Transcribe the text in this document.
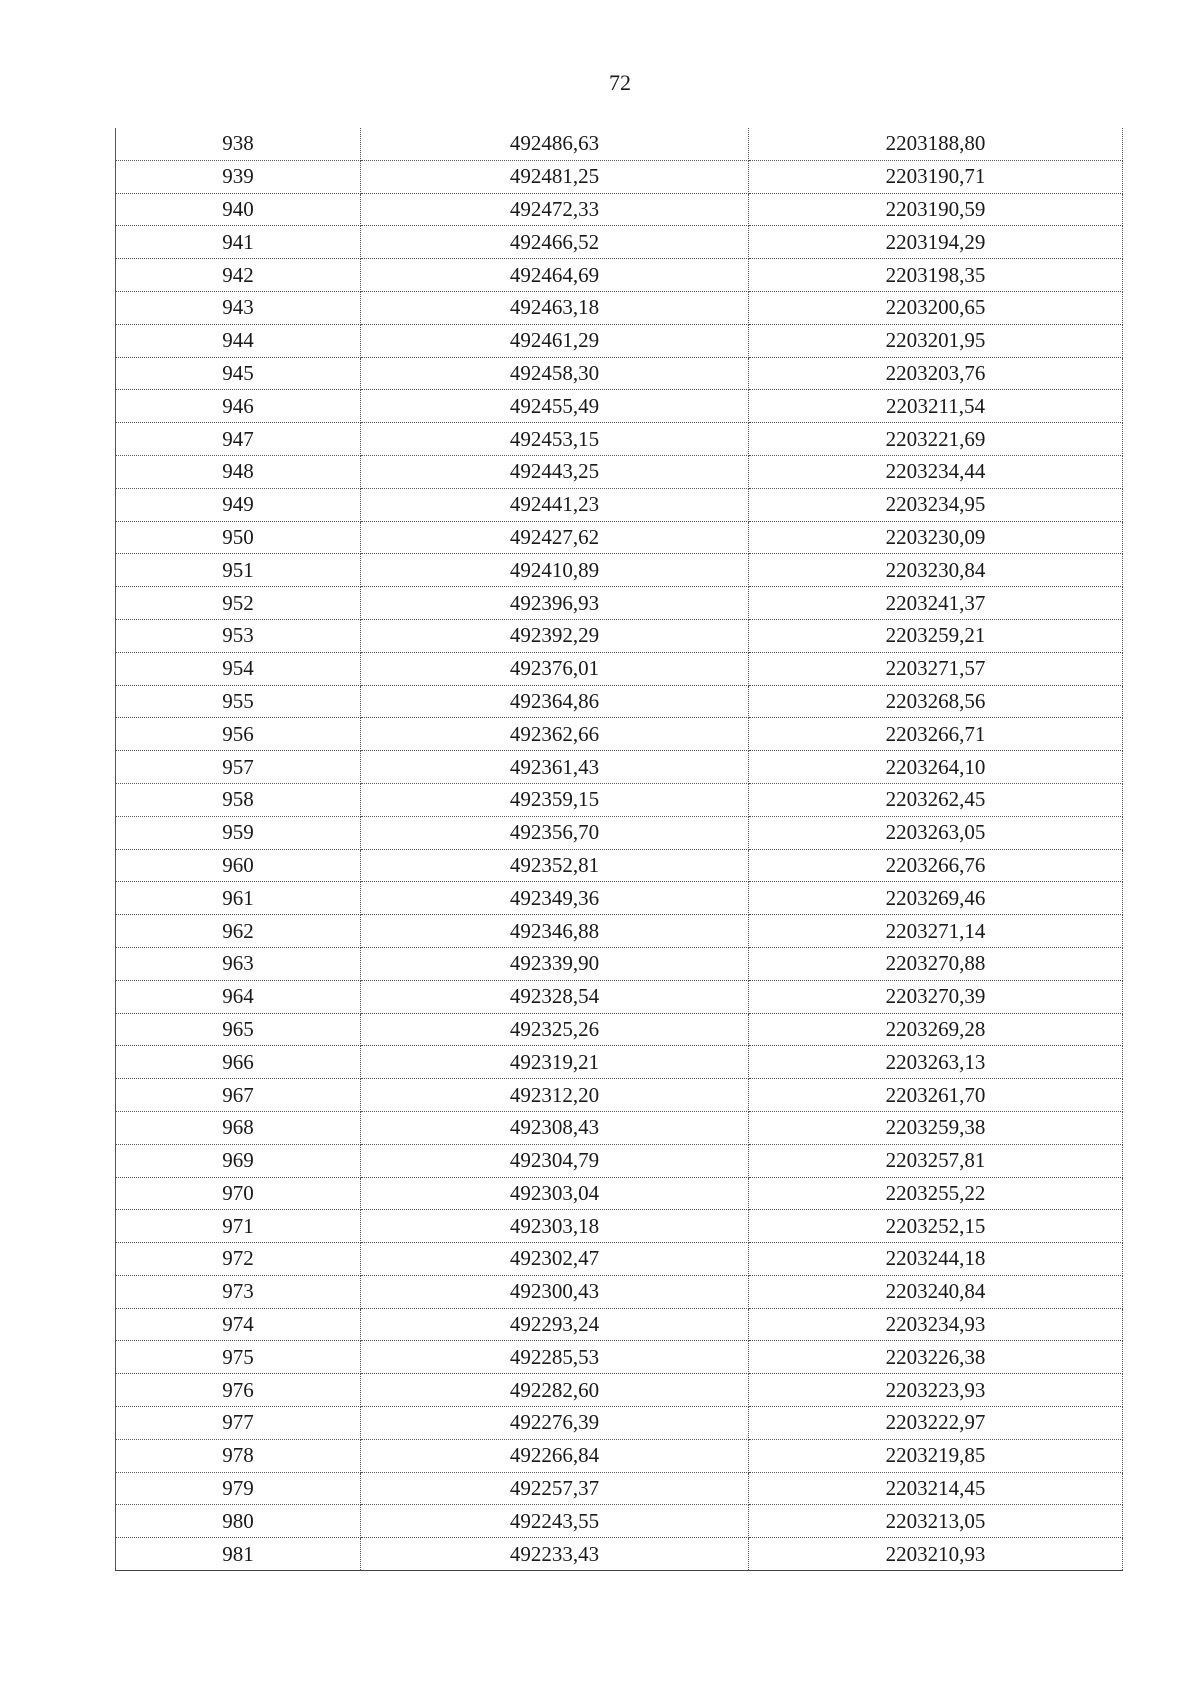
72
938	492486,63	2203188,80
939	492481,25	2203190,71
940	492472,33	2203190,59
941	492466,52	2203194,29
942	492464,69	2203198,35
943	492463,18	2203200,65
944	492461,29	2203201,95
945	492458,30	2203203,76
946	492455,49	2203211,54
947	492453,15	2203221,69
948	492443,25	2203234,44
949	492441,23	2203234,95
950	492427,62	2203230,09
951	492410,89	2203230,84
952	492396,93	2203241,37
953	492392,29	2203259,21
954	492376,01	2203271,57
955	492364,86	2203268,56
956	492362,66	2203266,71
957	492361,43	2203264,10
958	492359,15	2203262,45
959	492356,70	2203263,05
960	492352,81	2203266,76
961	492349,36	2203269,46
962	492346,88	2203271,14
963	492339,90	2203270,88
964	492328,54	2203270,39
965	492325,26	2203269,28
966	492319,21	2203263,13
967	492312,20	2203261,70
968	492308,43	2203259,38
969	492304,79	2203257,81
970	492303,04	2203255,22
971	492303,18	2203252,15
972	492302,47	2203244,18
973	492300,43	2203240,84
974	492293,24	2203234,93
975	492285,53	2203226,38
976	492282,60	2203223,93
977	492276,39	2203222,97
978	492266,84	2203219,85
979	492257,37	2203214,45
980	492243,55	2203213,05
981	492233,43	2203210,93
